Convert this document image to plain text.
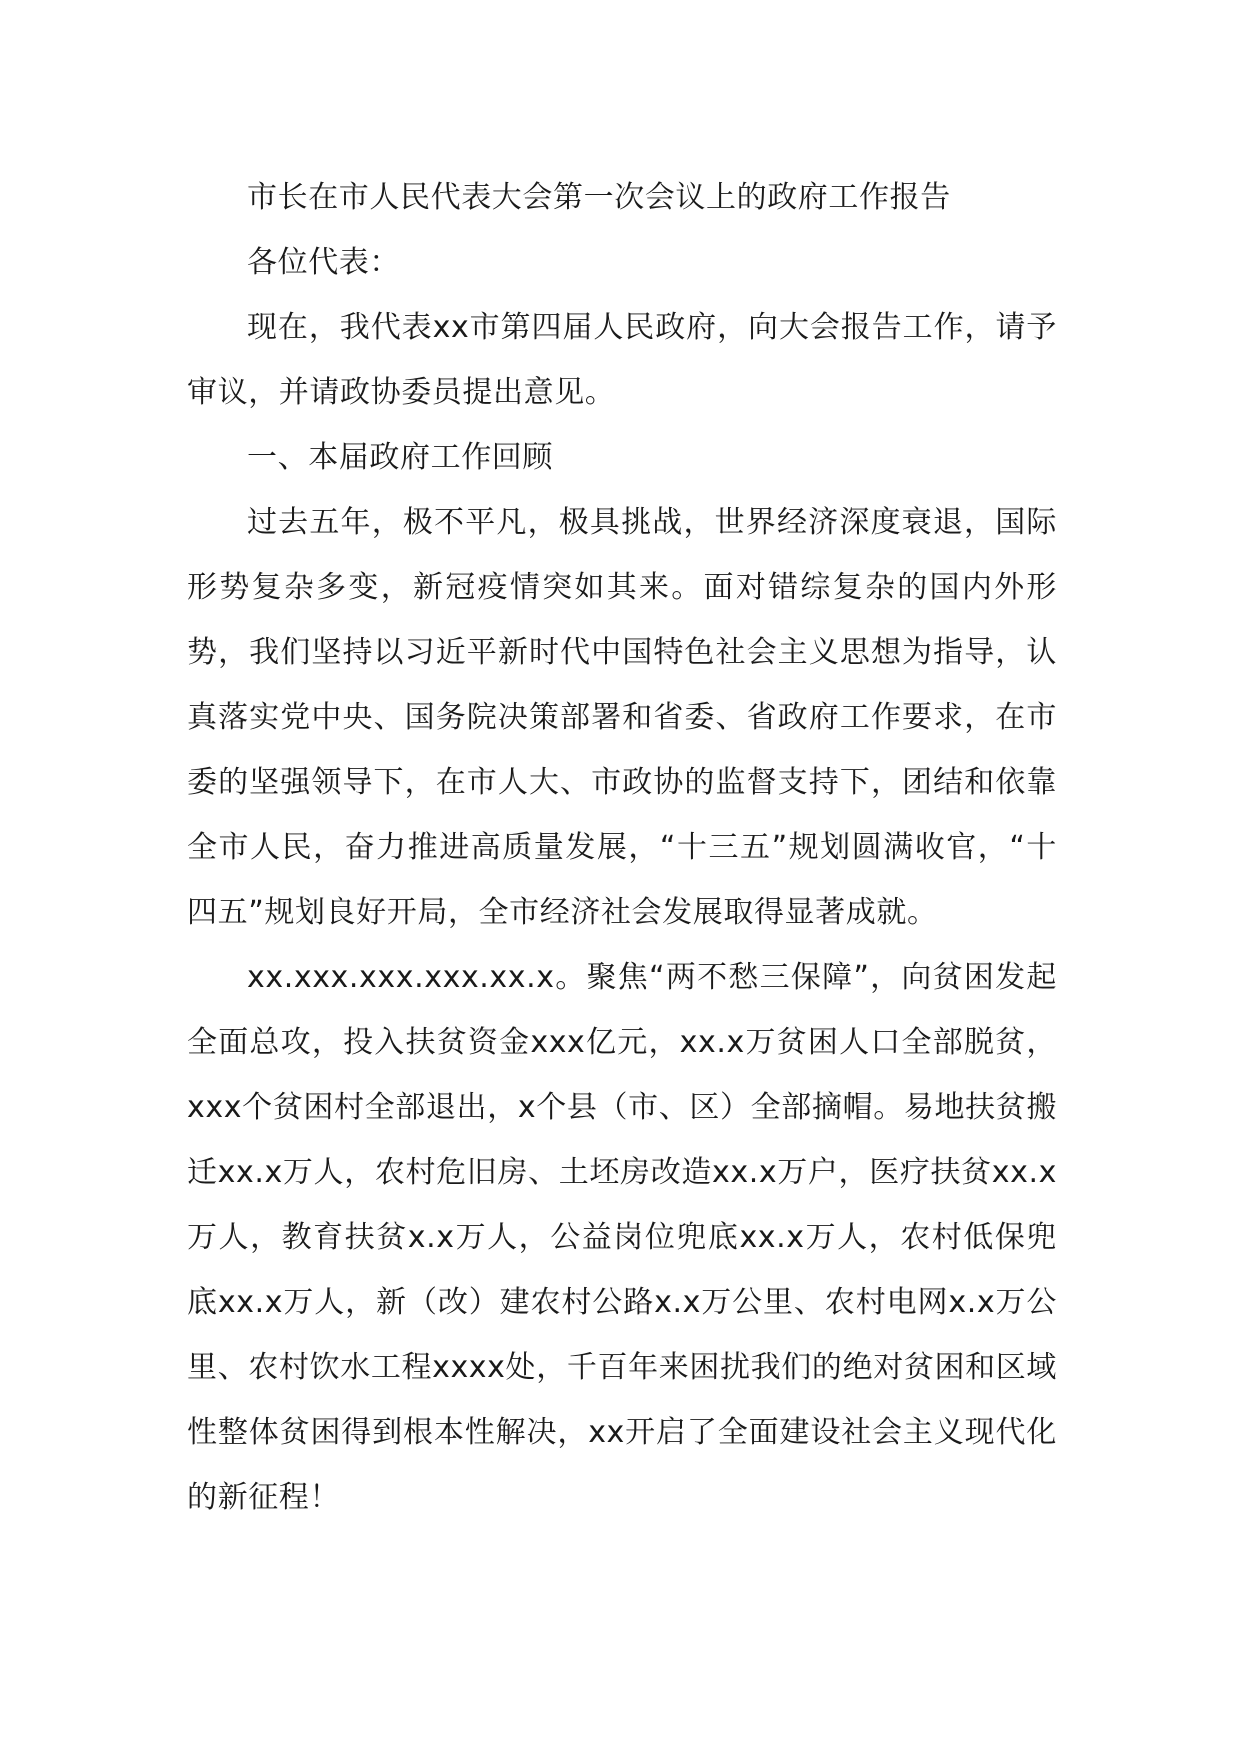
市长在市人民代表大会第一次会议上的政府工作报告

各位代表：

现在，我代表xx市第四届人民政府，向大会报告工作，请予审议，并请政协委员提出意见。

一、本届政府工作回顾

过去五年，极不平凡，极具挑战，世界经济深度衰退，国际形势复杂多变，新冠疫情突如其来。面对错综复杂的国内外形势，我们坚持以习近平新时代中国特色社会主义思想为指导，认真落实党中央、国务院决策部署和省委、省政府工作要求，在市委的坚强领导下，在市人大、市政协的监督支持下，团结和依靠全市人民，奋力推进高质量发展，“十三五”规划圆满收官，“十四五”规划良好开局，全市经济社会发展取得显著成就。

xx.xxx.xxx.xxx.xx.x。聚焦“两不愁三保障”，向贫困发起全面总攻，投入扶贫资金xxx亿元，xx.x万贫困人口全部脱贫，xxx个贫困村全部退出，x个县（市、区）全部摘帽。易地扶贫搬迁xx.x万人，农村危旧房、土坯房改造xx.x万户，医疗扶贫xx.x万人，教育扶贫x.x万人，公益岗位兜底xx.x万人，农村低保兜底xx.x万人，新（改）建农村公路x.x万公里、农村电网x.x万公里、农村饮水工程xxxx处，千百年来困扰我们的绝对贫困和区域性整体贫困得到根本性解决，xx开启了全面建设社会主义现代化的新征程！
